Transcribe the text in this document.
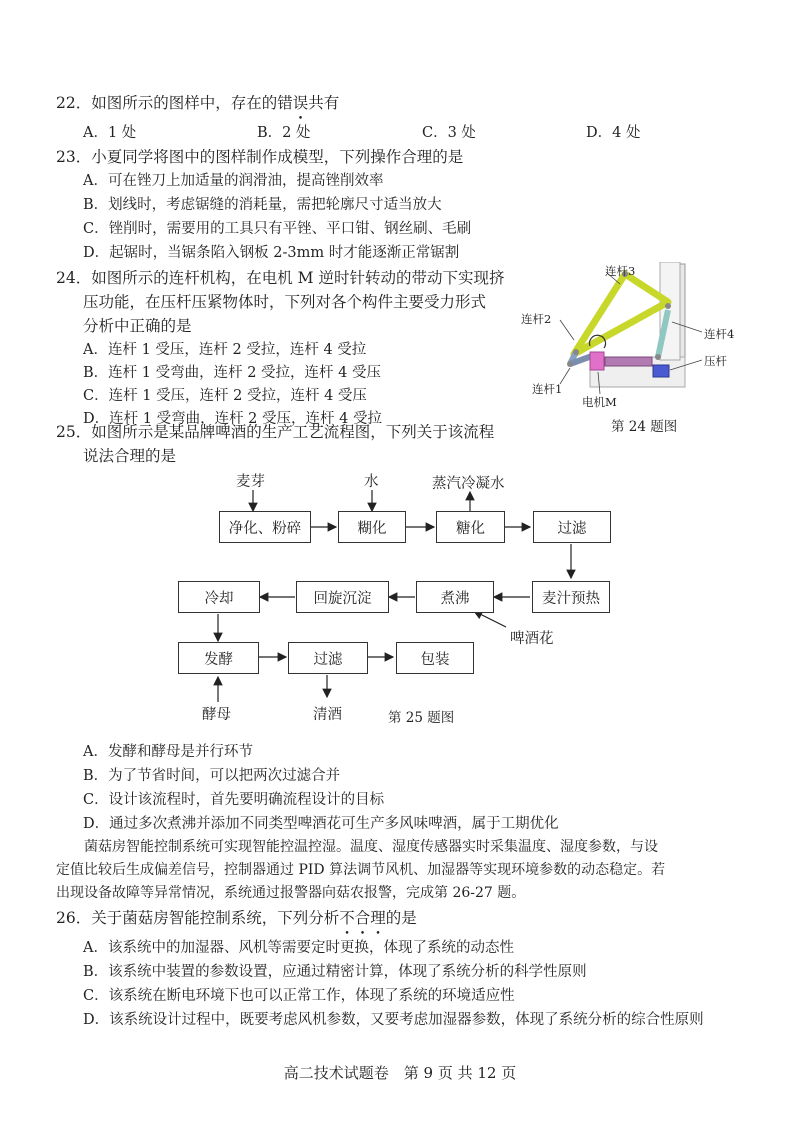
22．如图所示的图样中，存在的错误共有
A．1 处	B．2 处	C．3 处	D．4 处
23．小夏同学将图中的图样制作成模型，下列操作合理的是
A．可在锉刀上加适量的润滑油，提高锉削效率
B．划线时，考虑锯缝的消耗量，需把轮廓尺寸适当放大
C．锉削时，需要用的工具只有平锉、平口钳、钢丝刷、毛刷
D．起锯时，当锯条陷入钢板 2-3mm 时才能逐渐正常锯割
24．如图所示的连杆机构，在电机 M 逆时针转动的带动下实现挤
压功能，在压杆压紧物体时，下列对各个构件主要受力形式
分析中正确的是
A．连杆 1 受压，连杆 2 受拉，连杆 4 受拉
B．连杆 1 受弯曲，连杆 2 受拉，连杆 4 受压
C．连杆 1 受压，连杆 2 受拉，连杆 4 受压
D．连杆 1 受弯曲，连杆 2 受压，连杆 4 受拉
连杆3
连杆2
连杆4
压杆
连杆1
电机M
第 24 题图
25．如图所示是某品牌啤酒的生产工艺流程图，下列关于该流程
说法合理的是
麦芽	水	蒸汽冷凝水
啤酒花
酵母	清酒	第 25 题图
净化、粉碎	糊化	糖化	过滤
麦汁预热
煮沸
回旋沉淀
冷却
发酵	过滤	包装
A．发酵和酵母是并行环节
B．为了节省时间，可以把两次过滤合并
C．设计该流程时，首先要明确流程设计的目标
D．通过多次煮沸并添加不同类型啤酒花可生产多风味啤酒，属于工期优化
　　菌菇房智能控制系统可实现智能控温控湿。温度、湿度传感器实时采集温度、湿度参数，与设
定值比较后生成偏差信号，控制器通过 PID 算法调节风机、加湿器等实现环境参数的动态稳定。若
出现设备故障等异常情况，系统通过报警器向菇农报警，完成第 26-27 题。
26．关于菌菇房智能控制系统，下列分析不合理的是
A．该系统中的加湿器、风机等需要定时更换，体现了系统的动态性
B．该系统中装置的参数设置，应通过精密计算，体现了系统分析的科学性原则
C．该系统在断电环境下也可以正常工作，体现了系统的环境适应性
D．该系统设计过程中，既要考虑风机参数，又要考虑加湿器参数，体现了系统分析的综合性原则
高二技术试题卷　第 9 页 共 12 页
